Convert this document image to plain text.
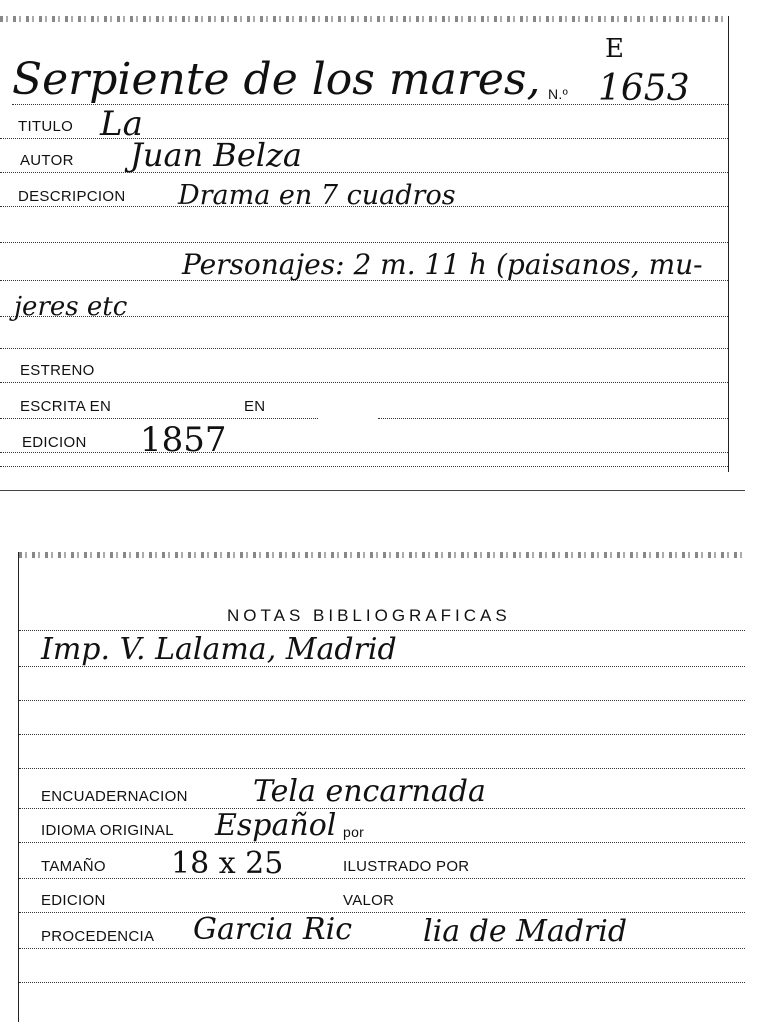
Serpiente de los mares, N.º
E
1653
TITULO La
AUTOR Juan Belza
DESCRIPCION Drama en 7 cuadros
Personajes: 2 m. 11 h (paisanos, mu-
jeres etc
ESTRENO
ESCRITA EN	EN
EDICION 1857
NOTAS BIBLIOGRAFICAS
Imp. V. Lalama, Madrid
ENCUADERNACION Tela encarnada
IDIOMA ORIGINAL Español por
TAMAÑO 18 x 25	ILUSTRADO POR
EDICION	VALOR
PROCEDENCIA Garcia Ric lia de Madrid
